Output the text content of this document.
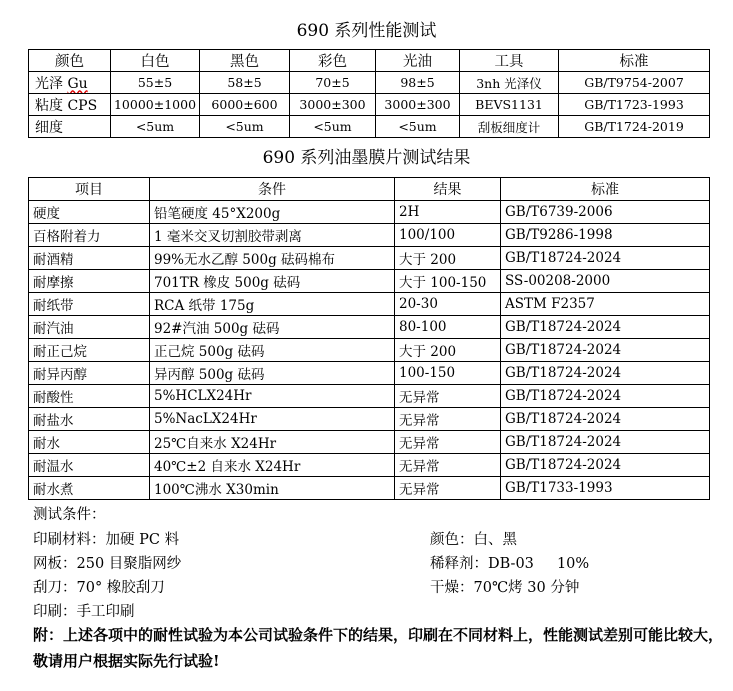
690 系列性能测试
颜色	白色	黑色	彩色	光油	工具	标准
光泽 Gu	55±5	58±5	70±5	98±5	3nh 光泽仪	GB/T9754-2007
粘度 CPS	10000±1000	6000±600	3000±300	3000±300	BEVS1131	GB/T1723-1993
细度	<5um	<5um	<5um	<5um	刮板细度计	GB/T1724-2019
690 系列油墨膜片测试结果
项目	条件	结果	标准
硬度	铅笔硬度 45°X200g	2H	GB/T6739-2006
百格附着力	1 毫米交叉切割胶带剥离	100/100	GB/T9286-1998
耐酒精	99%无水乙醇 500g 砝码棉布	大于 200	GB/T18724-2024
耐摩擦	701TR 橡皮 500g 砝码	大于 100-150	SS-00208-2000
耐纸带	RCA 纸带 175g	20-30	ASTM F2357
耐汽油	92#汽油 500g 砝码	80-100	GB/T18724-2024
耐正己烷	正己烷 500g 砝码	大于 200	GB/T18724-2024
耐异丙醇	异丙醇 500g 砝码	100-150	GB/T18724-2024
耐酸性	5%HCLX24Hr	无异常	GB/T18724-2024
耐盐水	5%NacLX24Hr	无异常	GB/T18724-2024
耐水	25℃自来水 X24Hr	无异常	GB/T18724-2024
耐温水	40℃±2 自来水 X24Hr	无异常	GB/T18724-2024
耐水煮	100℃沸水 X30min	无异常	GB/T1733-1993
测试条件：
印刷材料：加硬 PC 料	颜色：白、黑
网板：250 目聚脂网纱	稀释剂：DB-03     10%
刮刀：70° 橡胶刮刀	干燥：70℃烤 30 分钟
印刷：手工印刷
附：上述各项中的耐性试验为本公司试验条件下的结果，印刷在不同材料上，性能测试差别可能比较大，敬请用户根据实际先行试验!
